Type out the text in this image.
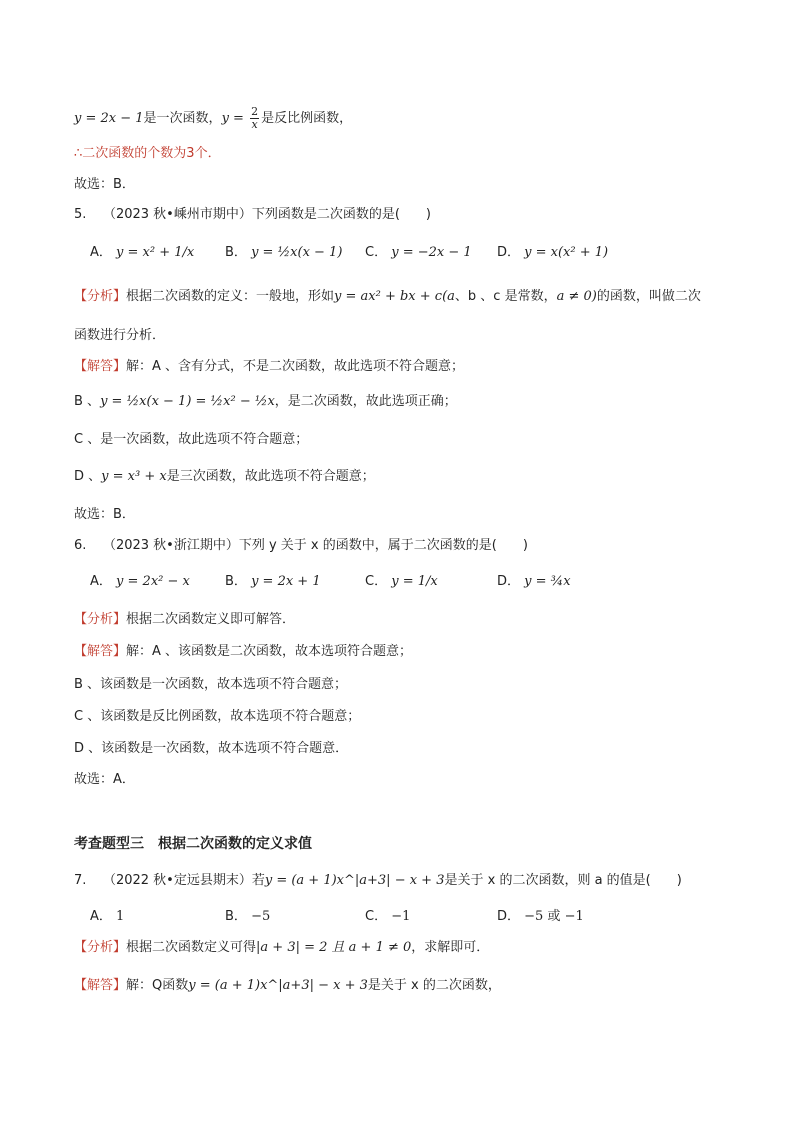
y = 2x − 1是一次函数，$y = \frac{2}{x}$ 是反比例函数，
∴二次函数的个数为3个．
故选：B．
5. （2023 秋•嵊州市期中）下列函数是二次函数的是(　　)
A． y = x² + 1/x B． y = ½x(x − 1) C． y = −2x − 1 D． y = x(x² + 1)
【分析】根据二次函数的定义：一般地，形如y = ax² + bx + c(a、b 、c 是常数，a ≠ 0)的函数，叫做二次
函数进行分析．
【解答】解：A 、含有分式，不是二次函数，故此选项不符合题意；
B 、y = ½x(x − 1) = ½x² − ½x，是二次函数，故此选项正确；
C 、是一次函数，故此选项不符合题意；
D 、y = x³ + x是三次函数，故此选项不符合题意；
故选：B．
6. （2023 秋•浙江期中）下列 y 关于 x 的函数中，属于二次函数的是(　　)
A． y = 2x² − x	B． y = 2x + 1	C． y = 1/x	D． y = ¾x
【分析】根据二次函数定义即可解答．
【解答】解：A 、该函数是二次函数，故本选项符合题意；
B 、该函数是一次函数，故本选项不符合题意；
C 、该函数是反比例函数，故本选项不符合题意；
D 、该函数是一次函数，故本选项不符合题意．
故选：A．
考查题型三　根据二次函数的定义求值
7. （2022 秋•定远县期末）若y = (a + 1)x^|a+3| − x + 3是关于 x 的二次函数，则 a 的值是(　　)
A． 1	B． −5	C． −1	D． −5 或 −1
【分析】根据二次函数定义可得|a + 3| = 2 且 a + 1 ≠ 0，求解即可．
【解答】解：Q函数y = (a + 1)x^|a+3| − x + 3是关于 x 的二次函数，
